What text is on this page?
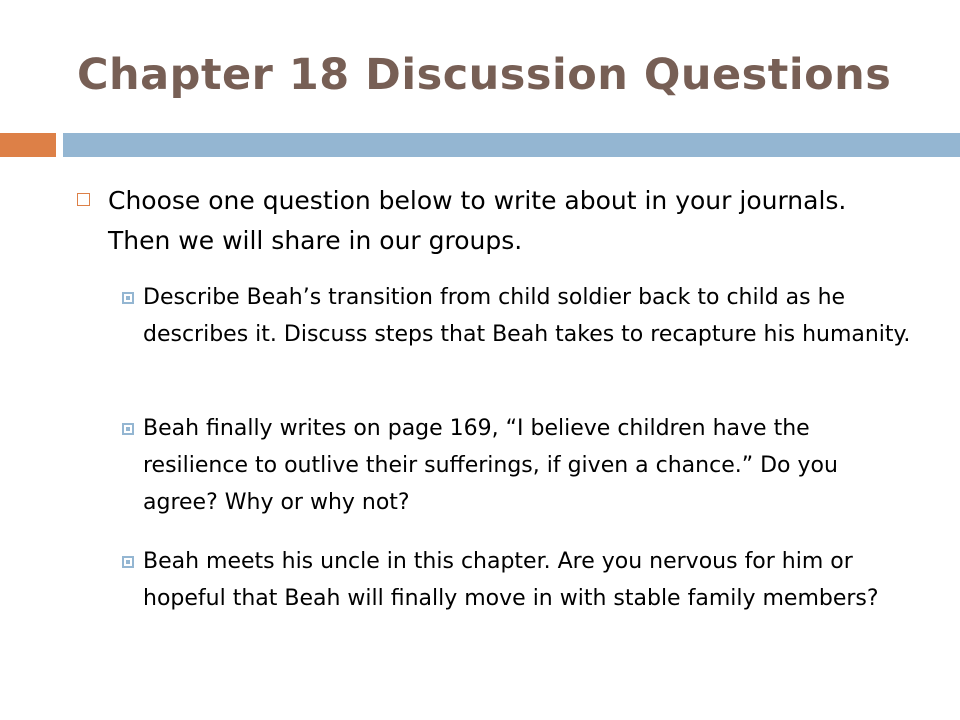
Chapter 18 Discussion Questions

Choose one question below to write about in your journals. Then we will share in our groups.

Describe Beah’s transition from child soldier back to child as he describes it. Discuss steps that Beah takes to recapture his humanity.

Beah finally writes on page 169, “I believe children have the resilience to outlive their sufferings, if given a chance.” Do you agree? Why or why not?

Beah meets his uncle in this chapter. Are you nervous for him or hopeful that Beah will finally move in with stable family members?
